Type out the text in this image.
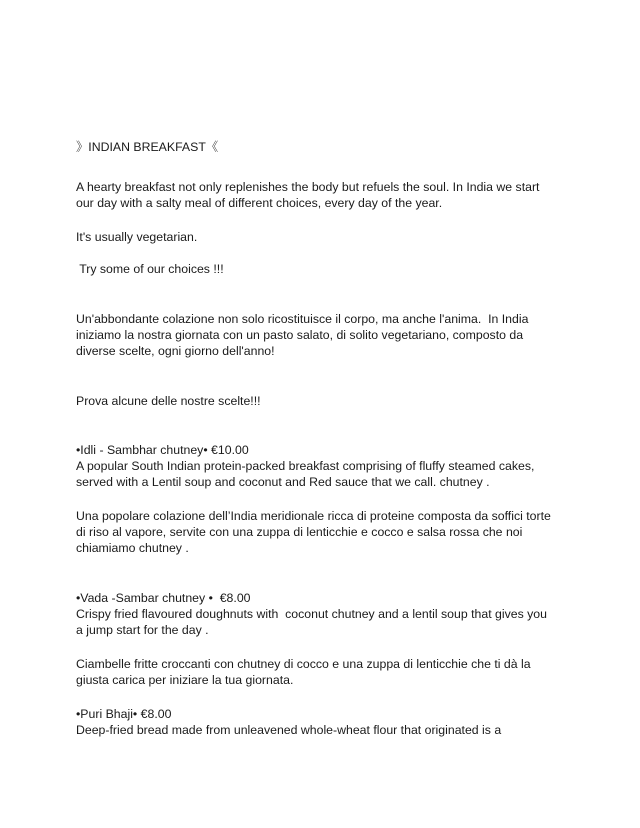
》INDIAN BREAKFAST《
A hearty breakfast not only replenishes the body but refuels the soul. In India we start
our day with a salty meal of different choices, every day of the year.
It's usually vegetarian.
Try some of our choices !!!
Un'abbondante colazione non solo ricostituisce il corpo, ma anche l'anima.  In India
iniziamo la nostra giornata con un pasto salato, di solito vegetariano, composto da
diverse scelte, ogni giorno dell'anno!
Prova alcune delle nostre scelte!!!
•Idli - Sambhar chutney• €10.00
A popular South Indian protein-packed breakfast comprising of fluffy steamed cakes,
served with a Lentil soup and coconut and Red sauce that we call. chutney .
Una popolare colazione dell’India meridionale ricca di proteine composta da soffici torte
di riso al vapore, servite con una zuppa di lenticchie e cocco e salsa rossa che noi
chiamiamo chutney .
•Vada -Sambar chutney •  €8.00
Crispy fried flavoured doughnuts with  coconut chutney and a lentil soup that gives you
a jump start for the day .
Ciambelle fritte croccanti con chutney di cocco e una zuppa di lenticchie che ti dà la
giusta carica per iniziare la tua giornata.
•Puri Bhaji• €8.00
Deep-fried bread made from unleavened whole-wheat flour that originated is a
